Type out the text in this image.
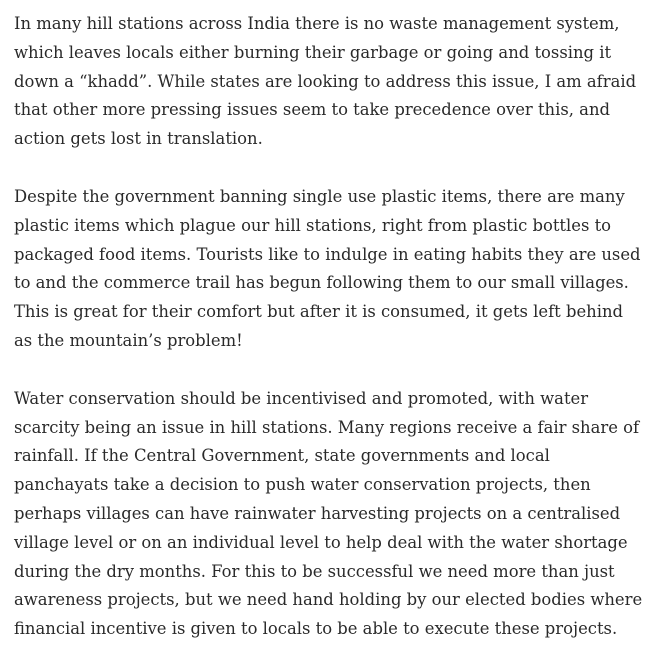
In many hill stations across India there is no waste management system, which leaves locals either burning their garbage or going and tossing it down a “khadd”. While states are looking to address this issue, I am afraid that other more pressing issues seem to take precedence over this, and action gets lost in translation.

Despite the government banning single use plastic items, there are many plastic items which plague our hill stations, right from plastic bottles to packaged food items. Tourists like to indulge in eating habits they are used to and the commerce trail has begun following them to our small villages. This is great for their comfort but after it is consumed, it gets left behind as the mountain’s problem!

Water conservation should be incentivised and promoted, with water scarcity being an issue in hill stations. Many regions receive a fair share of rainfall. If the Central Government, state governments and local panchayats take a decision to push water conservation projects, then perhaps villages can have rainwater harvesting projects on a centralised village level or on an individual level to help deal with the water shortage during the dry months. For this to be successful we need more than just awareness projects, but we need hand holding by our elected bodies where financial incentive is given to locals to be able to execute these projects.
